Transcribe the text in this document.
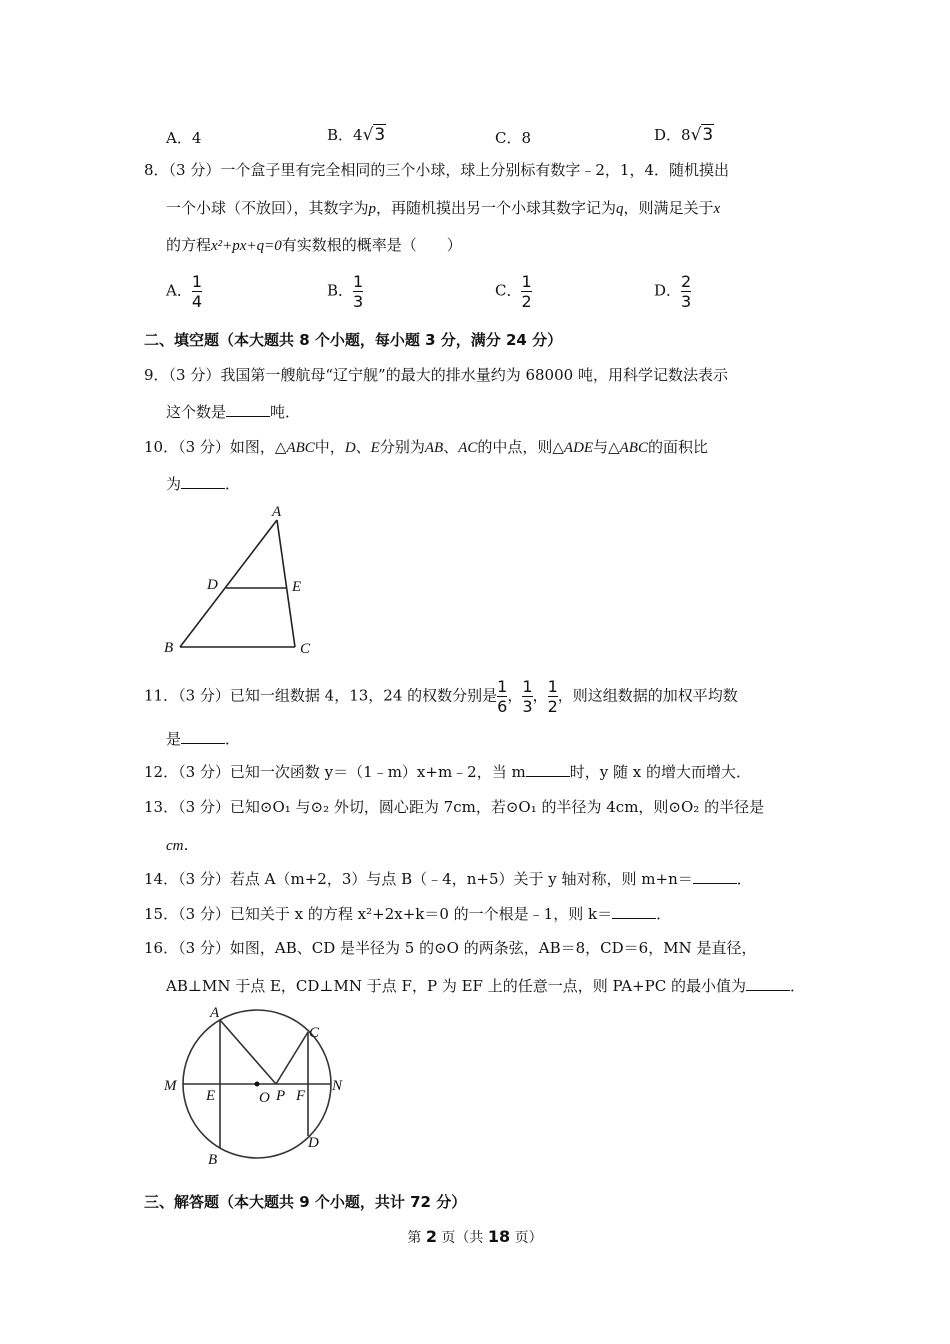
A．4	B．4√3	C．8	D．8√3
8．（3 分）一个盒子里有完全相同的三个小球，球上分别标有数字﹣2，1，4．随机摸出
一个小球（不放回），其数字为p，再随机摸出另一个小球其数字记为q，则满足关于x
的方程x²+px+q=0有实数根的概率是（　　）
A． $\frac{1}{4}$	B． $\frac{1}{3}$	C． $\frac{1}{2}$	D． $\frac{2}{3}$
二、填空题（本大题共 8 个小题，每小题 3 分，满分 24 分）
9．（3 分）我国第一艘航母“辽宁舰”的最大的排水量约为 68000 吨，用科学记数法表示
这个数是	吨．
10．（3 分）如图，△ABC中，D、E分别为AB、AC的中点，则△ADE与△ABC的面积比
为	．
A
B	C
D	E
11．（3 分）已知一组数据 4，13，24 的权数分别是 $\frac{1}{6}$ ， $\frac{1}{3}$ ， $\frac{1}{2}$ ，则这组数据的加权平均数
是	．
12．（3 分）已知一次函数 y＝（1﹣m）x+m﹣2，当 m	时，y 随 x 的增大而增大．
13．（3 分）已知⊙O₁ 与⊙₂ 外切，圆心距为 7cm，若⊙O₁ 的半径为 4cm，则⊙O₂ 的半径是
cm．
14．（3 分）若点 A（m+2，3）与点 B（﹣4，n+5）关于 y 轴对称，则 m+n＝	．
15．（3 分）已知关于 x 的方程 x²+2x+k＝0 的一个根是﹣1，则 k＝	．
16．（3 分）如图，AB、CD 是半径为 5 的⊙O 的两条弦，AB＝8，CD＝6，MN 是直径，
AB⊥MN 于点 E，CD⊥MN 于点 F，P 为 EF 上的任意一点，则 PA+PC 的最小值为	．
A
B
C
D
M	N
E	F
O P
三、解答题（本大题共 9 个小题，共计 72 分）
第 2 页（共 18 页）
